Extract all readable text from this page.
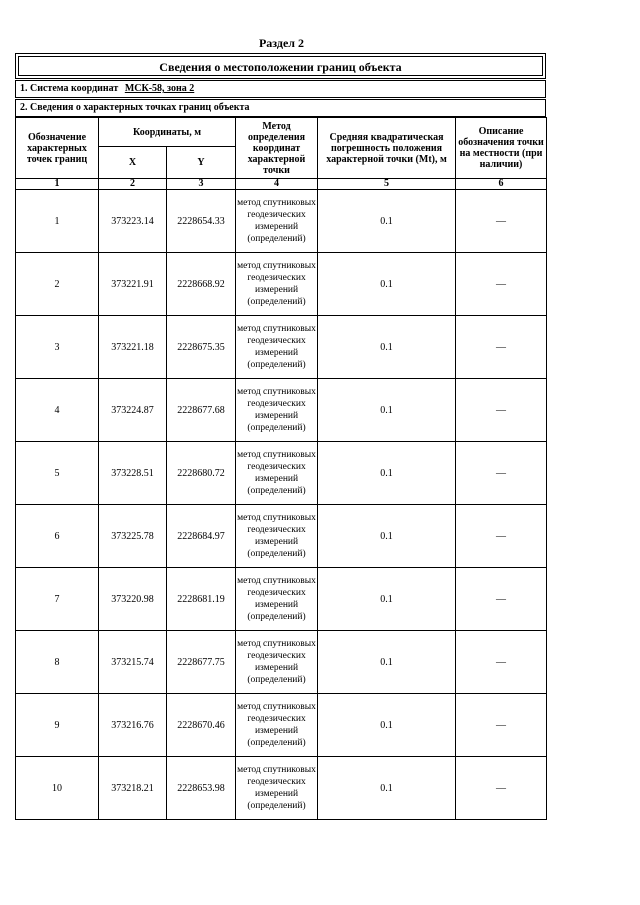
Раздел 2
Сведения о местоположении границ объекта
1. Система координат МСК-58, зона 2
2. Сведения о характерных точках границ объекта
Обозначение характерных точек границ	Координаты, м		Метод определения координат характерной точки	Средняя квадратическая погрешность положения характерной точки (Mt), м	Описание обозначения точки на местности (при наличии)
	X	Y			
1	2	3	4	5	6
1	373223.14	2228654.33	метод спутниковых геодезических измерений (определений)	0.1	—
2	373221.91	2228668.92	метод спутниковых геодезических измерений (определений)	0.1	—
3	373221.18	2228675.35	метод спутниковых геодезических измерений (определений)	0.1	—
4	373224.87	2228677.68	метод спутниковых геодезических измерений (определений)	0.1	—
5	373228.51	2228680.72	метод спутниковых геодезических измерений (определений)	0.1	—
6	373225.78	2228684.97	метод спутниковых геодезических измерений (определений)	0.1	—
7	373220.98	2228681.19	метод спутниковых геодезических измерений (определений)	0.1	—
8	373215.74	2228677.75	метод спутниковых геодезических измерений (определений)	0.1	—
9	373216.76	2228670.46	метод спутниковых геодезических измерений (определений)	0.1	—
10	373218.21	2228653.98	метод спутниковых геодезических измерений (определений)	0.1	—
